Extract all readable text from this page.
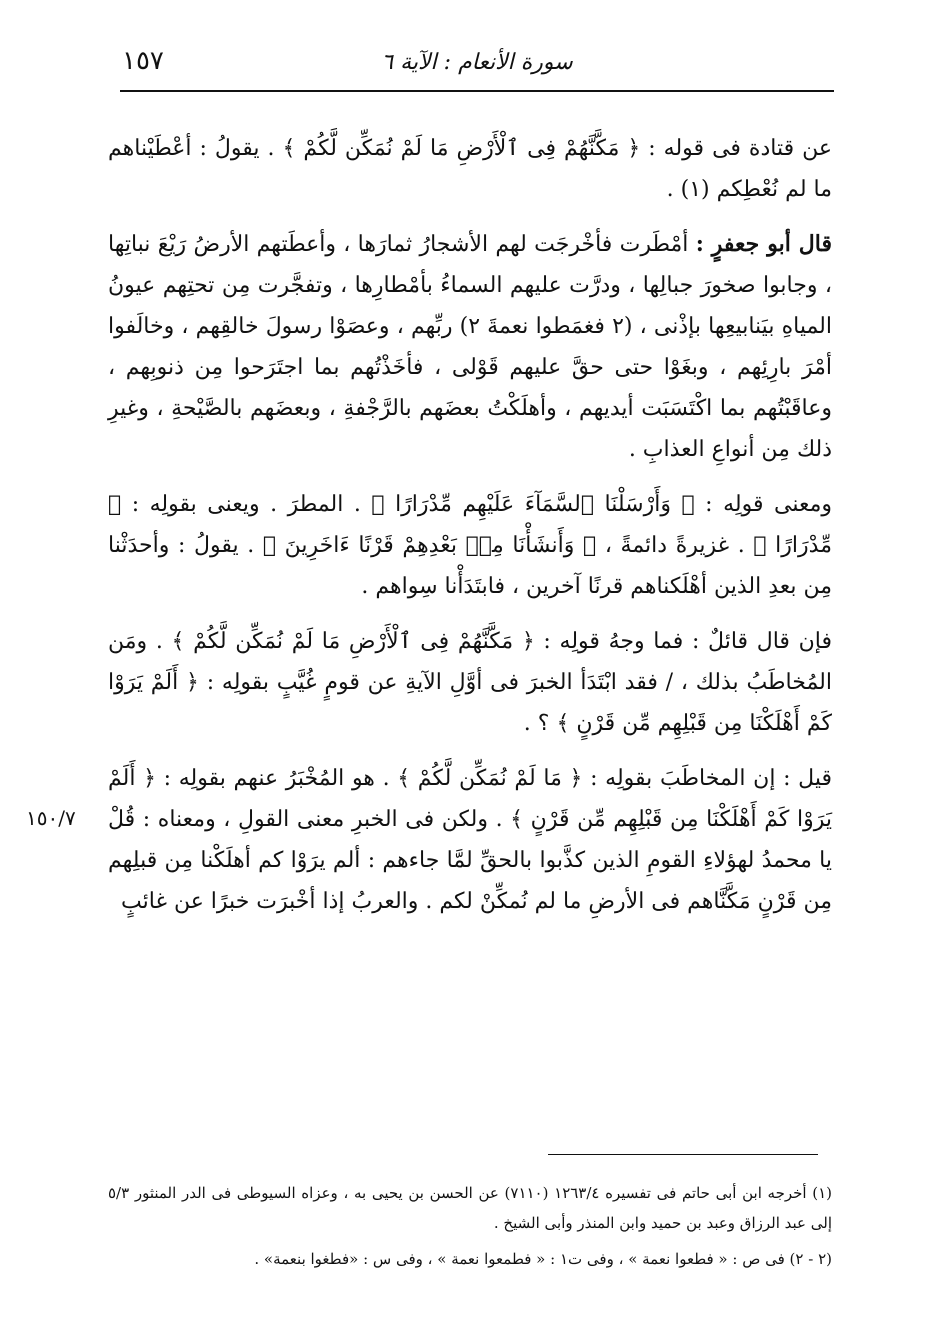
١٥٧	سورة الأنعام : الآية ٦

عن قتادة فى قوله : ﴿ مَكَّنَّهُمْ فِى ٱلْأَرْضِ مَا لَمْ نُمَكِّن لَّكُمْ ﴾ . يقولُ : أعْطَيْناهم ما لم نُعْطِكم (١) .

قال أبو جعفرٍ : أمْطَرت فأخْرجَت لهم الأشجارُ ثمارَها ، وأعطَتهم الأرضُ رَيْعَ نباتِها ، وجابوا صخورَ جبالِها ، ودرَّت عليهم السماءُ بأمْطارِها ، وتفجَّرت مِن تحتِهم عيونُ المياهِ بيَنابيعِها بإذْنى ، (٢ فغمَطوا نعمةَ ٢) ربِّهم ، وعصَوْا رسولَ خالقِهم ، وخالَفوا أمْرَ بارِئِهم ، وبغَوْا حتى حقَّ عليهم قَوْلى ، فأخَذْتُهم بما اجتَرَحوا مِن ذنوبِهم ، وعاقَبْتُهم بما اكْتَسَبَت أيديهم ، وأهلَكْتُ بعضَهم بالرَّجْفةِ ، وبعضَهم بالصَّيْحةِ ، وغيرِ ذلك مِن أنواعِ العذابِ .

ومعنى قولِه : ﴿ وَأَرْسَلْنَا ٱلسَّمَآءَ عَلَيْهِم مِّدْرَارًا ﴾ . المطرَ . ويعنى بقولِه : ﴿ مِّدْرَارًا ﴾ . غزيرةً دائمةً ، ﴿ وَأَنشَأْنَا مِنۢ بَعْدِهِمْ قَرْنًا ءَاخَرِينَ ﴾ . يقولُ : وأحدَثْنا مِن بعدِ الذين أهْلَكناهم قرنًا آخرين ، فابتَدَأْنا سِواهم .

فإن قال قائلٌ : فما وجهُ قولِه : ﴿ مَكَّنَّهُمْ فِى ٱلْأَرْضِ مَا لَمْ نُمَكِّن لَّكُمْ ﴾ . ومَن المُخاطَبُ بذلك ، / فقد ابْتَدَأ الخبرَ فى أوَّلِ الآيةِ عن قومٍ غُيَّبٍ بقولِه : ﴿ أَلَمْ يَرَوْا كَمْ أَهْلَكْنَا مِن قَبْلِهِم مِّن قَرْنٍ ﴾ ؟ .

قيل : إن المخاطَبَ بقولِه : ﴿ مَا لَمْ نُمَكِّن لَّكُمْ ﴾ . هو المُخْبَرُ عنهم بقولِه : ﴿ أَلَمْ يَرَوْا كَمْ أَهْلَكْنَا مِن قَبْلِهِم مِّن قَرْنٍ ﴾ . ولكن فى الخبرِ معنى القولِ ، ومعناه : قُلْ يا محمدُ لهؤلاءِ القومِ الذين كذَّبوا بالحقِّ لمَّا جاءهم : ألم يرَوْا كم أهلَكْنا مِن قبلِهم مِن قَرْنٍ مَكَّنَّاهم فى الأرضِ ما لم نُمكِّنْ لكم . والعربُ إذا أخْبرَت خبرًا عن غائبٍ

١٥٠/٧

(١) أخرجه ابن أبى حاتم فى تفسيره ١٢٦٣/٤ (٧١١٠) عن الحسن بن يحيى به ، وعزاه السيوطى فى الدر المنثور ٥/٣ إلى عبد الرزاق وعبد بن حميد وابن المنذر وأبى الشيخ .

(٢ - ٢) فى ص : « فطعوا نعمة » ، وفى ت١ : « فطمعوا نعمة » ، وفى س : «فطغوا بنعمة» .
